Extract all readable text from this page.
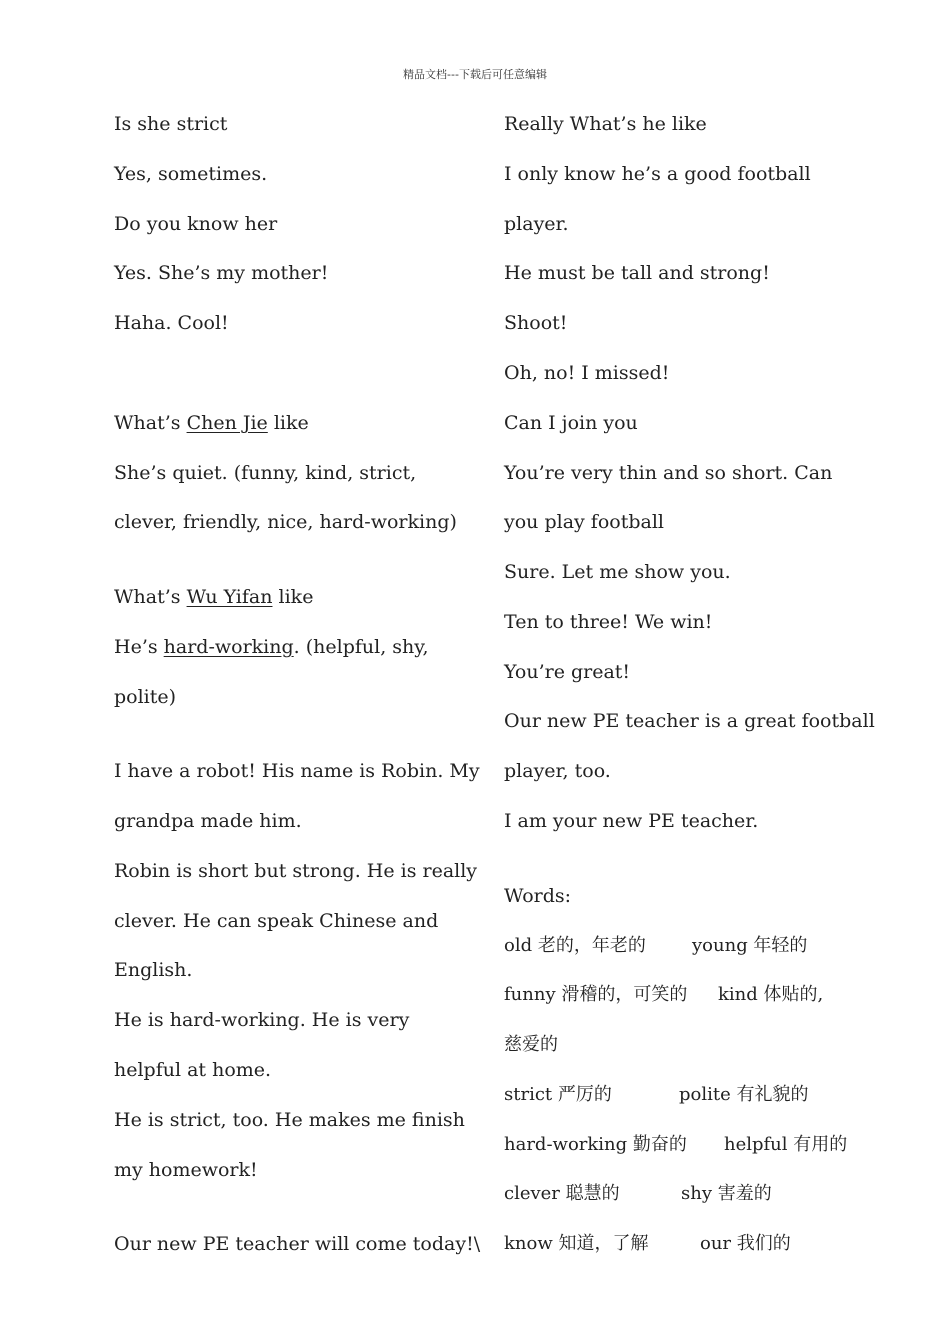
精品文档---下载后可任意编辑
Is she strict
Yes, sometimes.
Do you know her
Yes. She’s my mother!
Haha. Cool!
What’s Chen Jie like
She’s quiet. (funny, kind, strict,
clever, friendly, nice, hard-working)
What’s Wu Yifan like
He’s hard-working. (helpful, shy,
polite)
I have a robot! His name is Robin. My
grandpa made him.
Robin is short but strong. He is really
clever. He can speak Chinese and
English.
He is hard-working. He is very
helpful at home.
He is strict, too. He makes me finish
my homework!
Our new PE teacher will come today!\
Really What’s he like
I only know he’s a good football
player.
He must be tall and strong!
Shoot!
Oh, no! I missed!
Can I join you
You’re very thin and so short. Can
you play football
Sure. Let me show you.
Ten to three! We win!
You’re great!
Our new PE teacher is a great football
player, too.
I am your new PE teacher.
Words:
old 老的，年老的	young 年轻的
funny 滑稽的，可笑的 kind 体贴的,
慈爱的
strict 严厉的	polite 有礼貌的
hard-working 勤奋的 helpful 有用的
clever 聪慧的	shy 害羞的
know 知道，了解	our 我们的
